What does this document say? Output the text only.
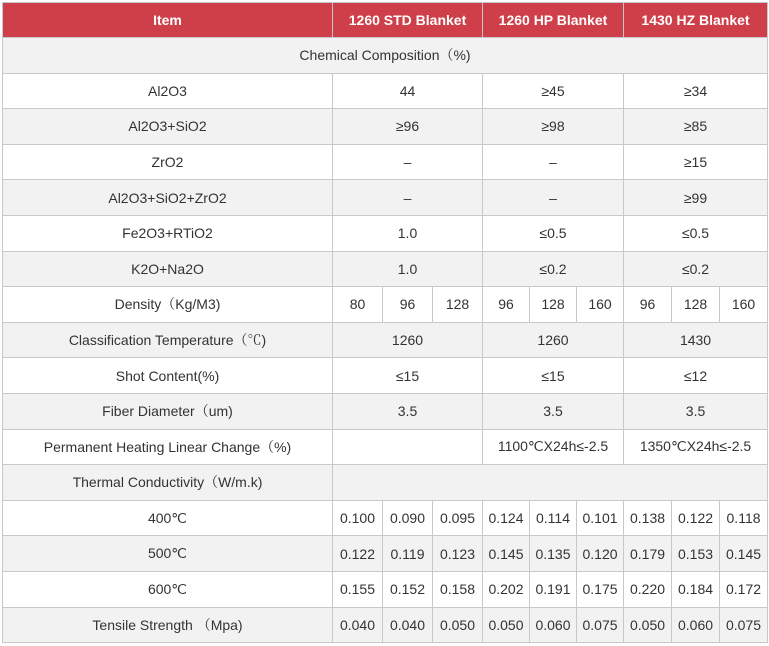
Item	1260 STD Blanket			1260 HP Blanket			1430 HZ Blanket		
Chemical Composition（%)									
Al2O3	44			≥45			≥34		
Al2O3+SiO2	≥96			≥98			≥85		
ZrO2	–			–			≥15		
Al2O3+SiO2+ZrO2	–			–			≥99		
Fe2O3+RTiO2	1.0			≤0.5			≤0.5		
K2O+Na2O	1.0			≤0.2			≤0.2		
Density（Kg/M3)	80	96	128	96	128	160	96	128	160
Classification Temperature（℃)	1260			1260			1430		
Shot Content(%)	≤15			≤15			≤12		
Fiber Diameter（um)	3.5			3.5			3.5		
Permanent Heating Linear Change（%)				1100℃X24h≤-2.5			1350℃X24h≤-2.5		
Thermal Conductivity（W/m.k)									
400℃	0.100	0.090	0.095	0.124	0.114	0.101	0.138	0.122	0.118
500℃	0.122	0.119	0.123	0.145	0.135	0.120	0.179	0.153	0.145
600℃	0.155	0.152	0.158	0.202	0.191	0.175	0.220	0.184	0.172
Tensile Strength （Mpa)	0.040	0.040	0.050	0.050	0.060	0.075	0.050	0.060	0.075
